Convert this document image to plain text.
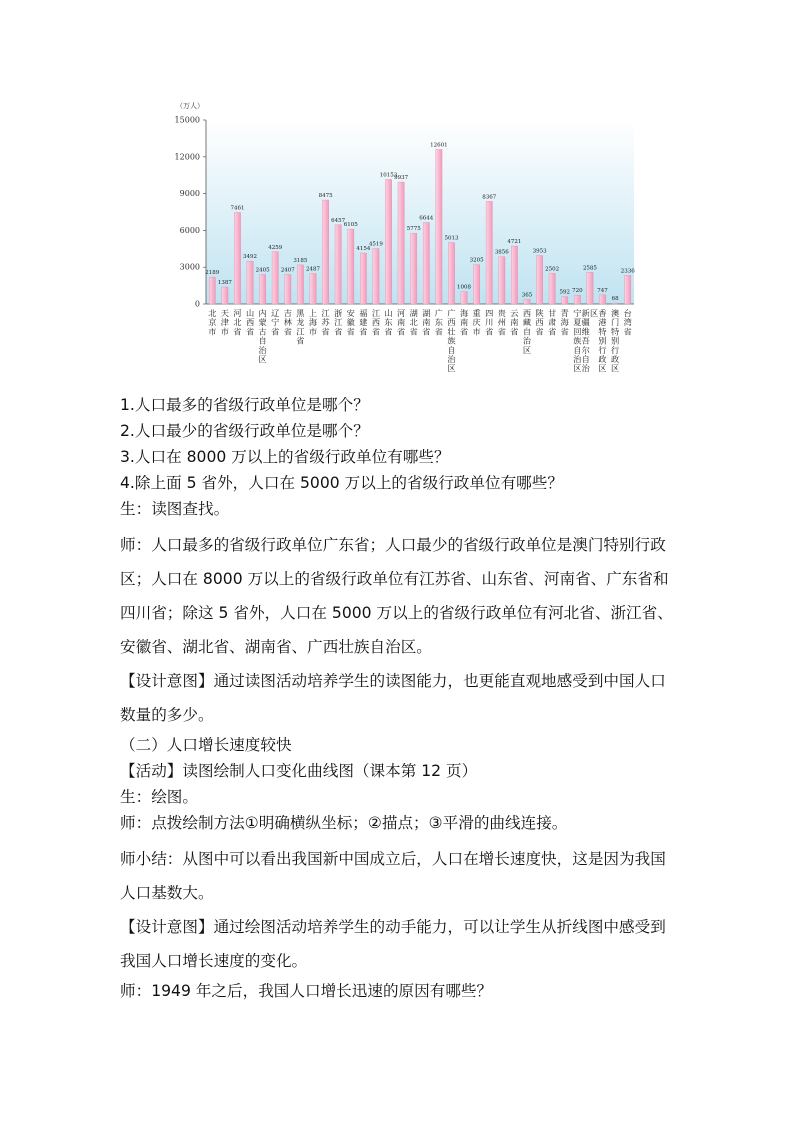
（万人）
0
3000
6000
9000
12000
15000
2189
北
京
市
1387
天
津
市
7461
河
北
省
3492
山
西
省
2405
内
蒙
古
自
治
区
4259
辽
宁
省
2407
吉
林
省
3185
黑
龙
江
省
2487
上
海
市
8475
江
苏
省
6457
浙
江
省
6105
安
徽
省
4154
福
建
省
4519
江
西
省
10153
山
东
省
9937
河
南
省
5775
湖
北
省
6644
湖
南
省
12601
广
东
省
5013
广
西
壮
族
自
治
区
1008
海
南
省
3205
重
庆
市
8367
四
川
省
3856
贵
州
省
4721
云
南
省
365
西
藏
自
治
区
3953
陕
西
省
2502
甘
肃
省
592
青
海
省
720
宁
夏
回
族
自
治
区
2585
新
疆
维
吾
尔
自
治
区
747
香
港
特
别
行
政
区
68
澳
门
特
别
行
政
区
2336
台
湾
省
1.人口最多的省级行政单位是哪个？
2.人口最少的省级行政单位是哪个？
3.人口在 8000 万以上的省级行政单位有哪些？
4.除上面 5 省外，人口在 5000 万以上的省级行政单位有哪些？
生：读图查找。
师：人口最多的省级行政单位广东省；人口最少的省级行政单位是澳门特别行政区；人口在 8000 万以上的省级行政单位有江苏省、山东省、河南省、广东省和四川省；除这 5 省外，人口在 5000 万以上的省级行政单位有河北省、浙江省、安徽省、湖北省、湖南省、广西壮族自治区。
【设计意图】通过读图活动培养学生的读图能力，也更能直观地感受到中国人口数量的多少。
（二）人口增长速度较快
【活动】读图绘制人口变化曲线图（课本第 12 页）
生：绘图。
师：点拨绘制方法①明确横纵坐标；②描点；③平滑的曲线连接。
师小结：从图中可以看出我国新中国成立后，人口在增长速度快，这是因为我国人口基数大。
【设计意图】通过绘图活动培养学生的动手能力，可以让学生从折线图中感受到我国人口增长速度的变化。
师：1949 年之后，我国人口增长迅速的原因有哪些？
